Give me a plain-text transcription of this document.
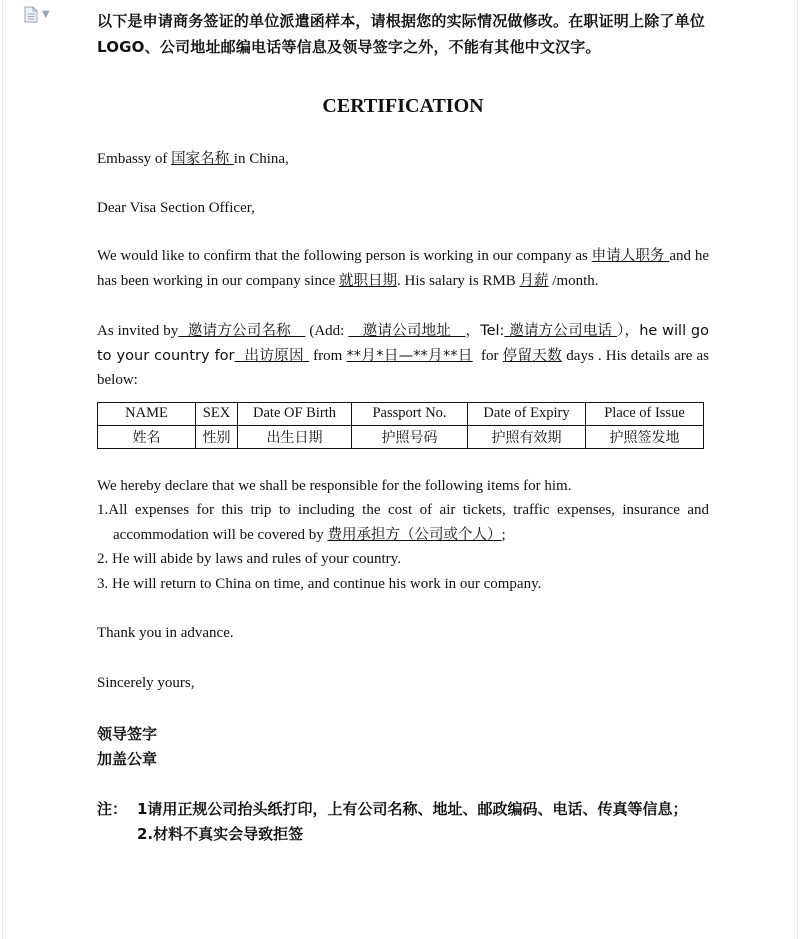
▼	以下是申请商务签证的单位派遣函样本，请根据您的实际情况做修改。在职证明上除了单位LOGO、公司地址邮编电话等信息及领导签字之外，不能有其他中文汉字。
CERTIFICATION

Embassy of 国家名称 in China,

Dear Visa Section Officer,

We would like to confirm that the following person is working in our company as 申请人职务 and he has been working in our company since 就职日期. His salary is RMB 月薪 /month.

As invited by  邀请方公司名称    (Add:    邀请公司地址   ，Tel: 邀请方公司电话 ），he will go to your country for  出访原因  from **月*日—**月**日  for 停留天数 days . His details are as below:

NAME	SEX	Date OF Birth	Passport No.	Date of Expiry	Place of Issue
姓名	性别	出生日期	护照号码	护照有效期	护照签发地

We hereby declare that we shall be responsible for the following items for him.

1.All expenses for this trip to including the cost of air tickets, traffic expenses, insurance and accommodation will be covered by 费用承担方（公司或个人）;

2. He will abide by laws and rules of your country.

3. He will return to China on time, and continue his work in our company.

Thank you in advance.

Sincerely yours,

领导签字
加盖公章
注： 1请用正规公司抬头纸打印，上有公司名称、地址、邮政编码、电话、传真等信息；
2.材料不真实会导致拒签
